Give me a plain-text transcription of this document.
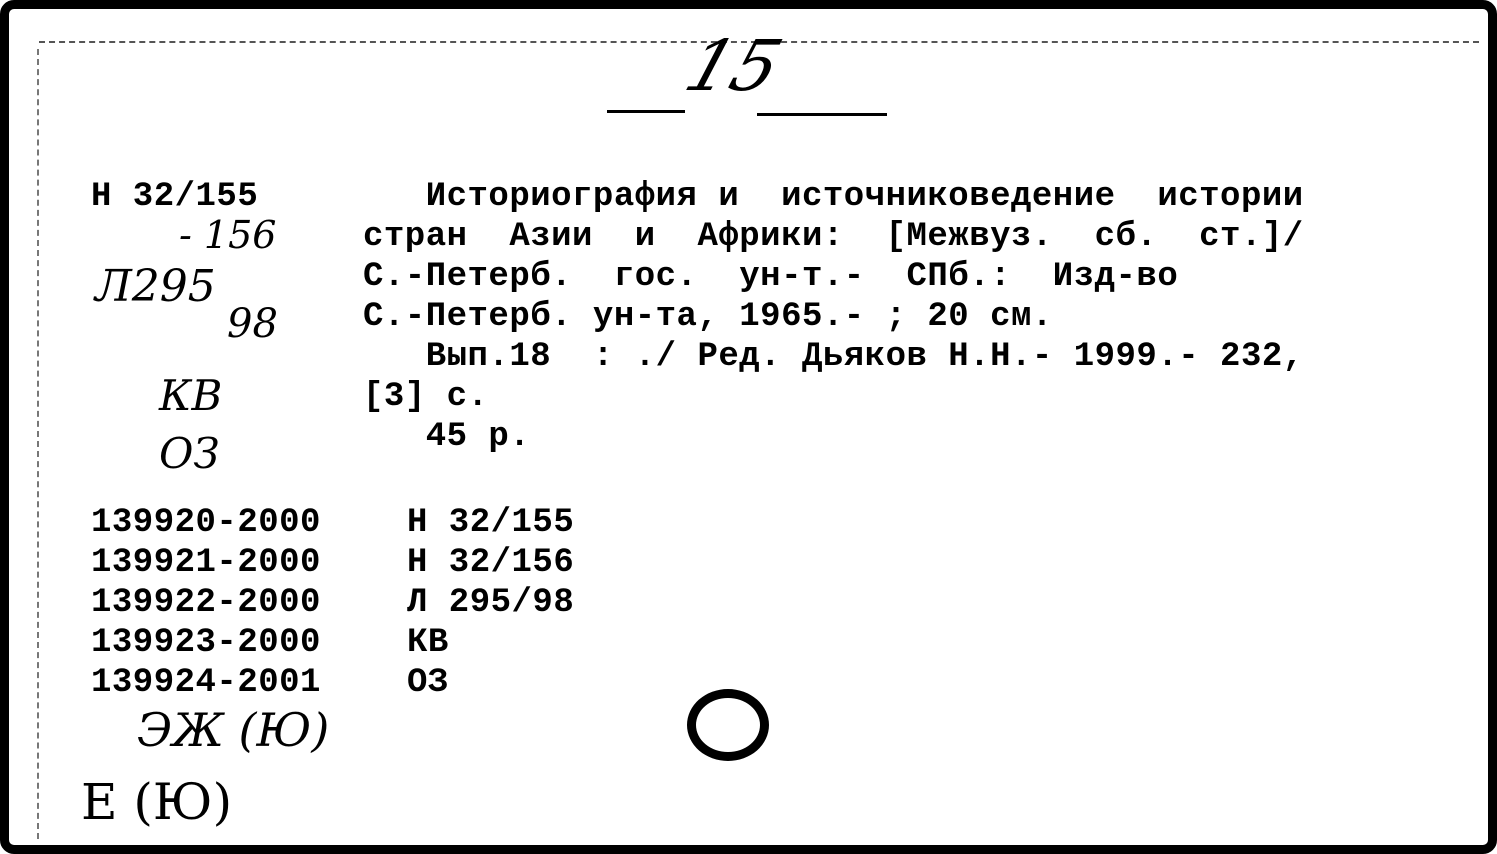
15
Н 32/155
- 156
Л295
98
КВ
ОЗ
Историография и  источниковедение  истории
стран  Азии  и  Африки:  [Межвуз.  сб.  ст.]/
С.-Петерб.  гос.  ун-т.-  СПб.:  Изд-во
С.-Петерб. ун-та, 1965.- ; 20 см.
Вып.18  : ./ Ред. Дьяков Н.Н.- 1999.- 232,
[3] с.
45 р.
139920-2000	Н 32/155
139921-2000	Н 32/156
139922-2000	Л 295/98
139923-2000	КВ
139924-2001	ОЗ
ЭЖ (Ю)
Е (Ю)
